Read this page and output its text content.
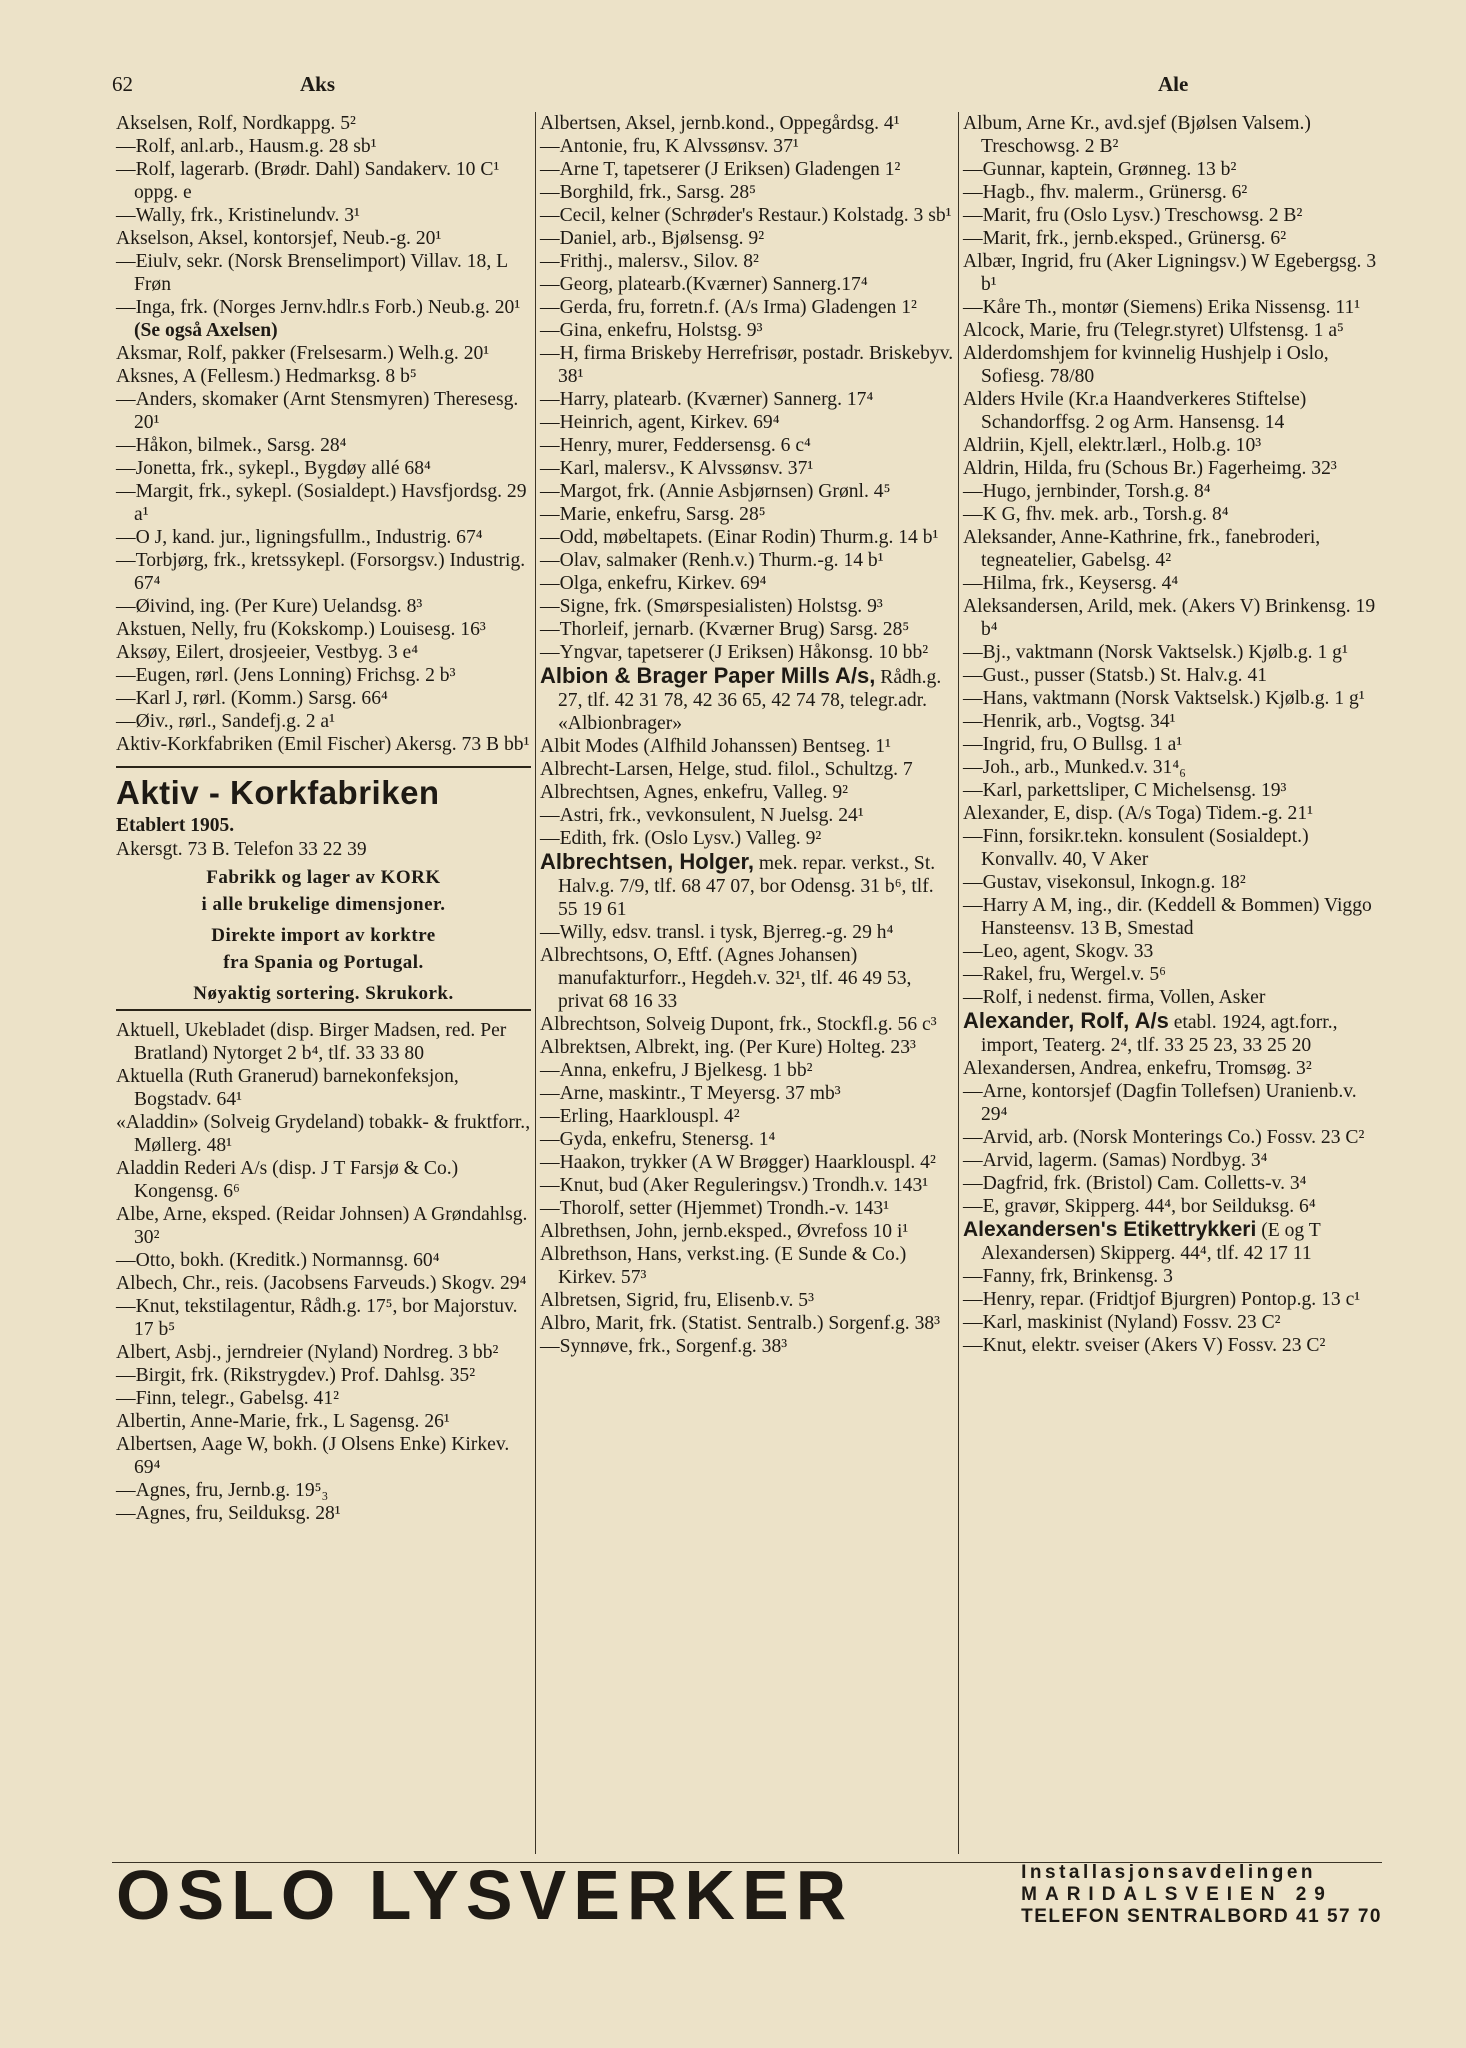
62	Aks	Ale

Akselsen, Rolf, Nordkappg. 5²

—Rolf, anl.arb., Hausm.g. 28 sb¹

—Rolf, lagerarb. (Brødr. Dahl) Sandakerv. 10 C¹ oppg. e

—Wally, frk., Kristinelundv. 3¹

Akselson, Aksel, kontorsjef, Neub.-g. 20¹

—Eiulv, sekr. (Norsk Brenselimport) Villav. 18, L Frøn

—Inga, frk. (Norges Jernv.hdlr.s Forb.) Neub.g. 20¹

(Se også Axelsen)

Aksmar, Rolf, pakker (Frelsesarm.) Welh.g. 20¹

Aksnes, A (Fellesm.) Hedmarksg. 8 b⁵

—Anders, skomaker (Arnt Stensmyren) Theresesg. 20¹

—Håkon, bilmek., Sarsg. 28⁴

—Jonetta, frk., sykepl., Bygdøy allé 68⁴

—Margit, frk., sykepl. (Sosialdept.) Havsfjordsg. 29 a¹

—O J, kand. jur., ligningsfullm., Industrig. 67⁴

—Torbjørg, frk., kretssykepl. (Forsorgsv.) Industrig. 67⁴

—Øivind, ing. (Per Kure) Uelandsg. 8³

Akstuen, Nelly, fru (Kokskomp.) Louisesg. 16³

Aksøy, Eilert, drosjeeier, Vestbyg. 3 e⁴

—Eugen, rørl. (Jens Lonning) Frichsg. 2 b³

—Karl J, rørl. (Komm.) Sarsg. 66⁴

—Øiv., rørl., Sandefj.g. 2 a¹

Aktiv-Korkfabriken (Emil Fischer) Akersg. 73 B bb¹

Aktiv - Korkfabriken

Etablert 1905.

Akersgt. 73 B. Telefon 33 22 39

Fabrikk og lager av KORK

i alle brukelige dimensjoner.

Direkte import av korktre

fra Spania og Portugal.

Nøyaktig sortering. Skrukork.

Aktuell, Ukebladet (disp. Birger Madsen, red. Per Bratland) Nytorget 2 b⁴, tlf. 33 33 80

Aktuella (Ruth Granerud) barnekonfeksjon, Bogstadv. 64¹

«Aladdin» (Solveig Grydeland) tobakk- & fruktforr., Møllerg. 48¹

Aladdin Rederi A/s (disp. J T Farsjø & Co.) Kongensg. 6⁶

Albe, Arne, eksped. (Reidar Johnsen) A Grøndahlsg. 30²

—Otto, bokh. (Kreditk.) Normannsg. 60⁴

Albech, Chr., reis. (Jacobsens Farveuds.) Skogv. 29⁴

—Knut, tekstilagentur, Rådh.g. 17⁵, bor Majorstuv. 17 b⁵

Albert, Asbj., jerndreier (Nyland) Nordreg. 3 bb²

—Birgit, frk. (Rikstrygdev.) Prof. Dahlsg. 35²

—Finn, telegr., Gabelsg. 41²

Albertin, Anne-Marie, frk., L Sagensg. 26¹

Albertsen, Aage W, bokh. (J Olsens Enke) Kirkev. 69⁴

—Agnes, fru, Jernb.g. 19⁵₃

—Agnes, fru, Seilduksg. 28¹

Albertsen, Aksel, jernb.kond., Oppegårdsg. 4¹

—Antonie, fru, K Alvssønsv. 37¹

—Arne T, tapetserer (J Eriksen) Gladengen 1²

—Borghild, frk., Sarsg. 28⁵

—Cecil, kelner (Schrøder's Restaur.) Kolstadg. 3 sb¹

—Daniel, arb., Bjølsensg. 9²

—Frithj., malersv., Silov. 8²

—Georg, platearb.(Kværner) Sannerg.17⁴

—Gerda, fru, forretn.f. (A/s Irma) Gladengen 1²

—Gina, enkefru, Holstsg. 9³

—H, firma Briskeby Herrefrisør, postadr. Briskebyv. 38¹

—Harry, platearb. (Kværner) Sannerg. 17⁴

—Heinrich, agent, Kirkev. 69⁴

—Henry, murer, Feddersensg. 6 c⁴

—Karl, malersv., K Alvssønsv. 37¹

—Margot, frk. (Annie Asbjørnsen) Grønl. 4⁵

—Marie, enkefru, Sarsg. 28⁵

—Odd, møbeltapets. (Einar Rodin) Thurm.g. 14 b¹

—Olav, salmaker (Renh.v.) Thurm.-g. 14 b¹

—Olga, enkefru, Kirkev. 69⁴

—Signe, frk. (Smørspesialisten) Holstsg. 9³

—Thorleif, jernarb. (Kværner Brug) Sarsg. 28⁵

—Yngvar, tapetserer (J Eriksen) Håkonsg. 10 bb²

Albion & Brager Paper Mills A/s, Rådh.g. 27, tlf. 42 31 78, 42 36 65, 42 74 78, telegr.adr. «Albionbrager»

Albit Modes (Alfhild Johanssen) Bentseg. 1¹

Albrecht-Larsen, Helge, stud. filol., Schultzg. 7

Albrechtsen, Agnes, enkefru, Valleg. 9²

—Astri, frk., vevkonsulent, N Juelsg. 24¹

—Edith, frk. (Oslo Lysv.) Valleg. 9²

Albrechtsen, Holger, mek. repar. verkst., St. Halv.g. 7/9, tlf. 68 47 07, bor Odensg. 31 b⁶, tlf. 55 19 61

—Willy, edsv. transl. i tysk, Bjerreg.-g. 29 h⁴

Albrechtsons, O, Eftf. (Agnes Johansen) manufakturforr., Hegdeh.v. 32¹, tlf. 46 49 53, privat 68 16 33

Albrechtson, Solveig Dupont, frk., Stockfl.g. 56 c³

Albrektsen, Albrekt, ing. (Per Kure) Holteg. 23³

—Anna, enkefru, J Bjelkesg. 1 bb²

—Arne, maskintr., T Meyersg. 37 mb³

—Erling, Haarklouspl. 4²

—Gyda, enkefru, Stenersg. 1⁴

—Haakon, trykker (A W Brøgger) Haarklouspl. 4²

—Knut, bud (Aker Reguleringsv.) Trondh.v. 143¹

—Thorolf, setter (Hjemmet) Trondh.-v. 143¹

Albrethsen, John, jernb.eksped., Øvrefoss 10 i¹

Albrethson, Hans, verkst.ing. (E Sunde & Co.) Kirkev. 57³

Albretsen, Sigrid, fru, Elisenb.v. 5³

Albro, Marit, frk. (Statist. Sentralb.) Sorgenf.g. 38³

—Synnøve, frk., Sorgenf.g. 38³

Album, Arne Kr., avd.sjef (Bjølsen Valsem.) Treschowsg. 2 B²

—Gunnar, kaptein, Grønneg. 13 b²

—Hagb., fhv. malerm., Grünersg. 6²

—Marit, fru (Oslo Lysv.) Treschowsg. 2 B²

—Marit, frk., jernb.eksped., Grünersg. 6²

Albær, Ingrid, fru (Aker Ligningsv.) W Egebergsg. 3 b¹

—Kåre Th., montør (Siemens) Erika Nissensg. 11¹

Alcock, Marie, fru (Telegr.styret) Ulfstensg. 1 a⁵

Alderdomshjem for kvinnelig Hushjelp i Oslo, Sofiesg. 78/80

Alders Hvile (Kr.a Haandverkeres Stiftelse) Schandorffsg. 2 og Arm. Hansensg. 14

Aldriin, Kjell, elektr.lærl., Holb.g. 10³

Aldrin, Hilda, fru (Schous Br.) Fagerheimg. 32³

—Hugo, jernbinder, Torsh.g. 8⁴

—K G, fhv. mek. arb., Torsh.g. 8⁴

Aleksander, Anne-Kathrine, frk., fanebroderi, tegneatelier, Gabelsg. 4²

—Hilma, frk., Keysersg. 4⁴

Aleksandersen, Arild, mek. (Akers V) Brinkensg. 19 b⁴

—Bj., vaktmann (Norsk Vaktselsk.) Kjølb.g. 1 g¹

—Gust., pusser (Statsb.) St. Halv.g. 41

—Hans, vaktmann (Norsk Vaktselsk.) Kjølb.g. 1 g¹

—Henrik, arb., Vogtsg. 34¹

—Ingrid, fru, O Bullsg. 1 a¹

—Joh., arb., Munked.v. 31⁴₆

—Karl, parkettsliper, C Michelsensg. 19³

Alexander, E, disp. (A/s Toga) Tidem.-g. 21¹

—Finn, forsikr.tekn. konsulent (Sosialdept.) Konvallv. 40, V Aker

—Gustav, visekonsul, Inkogn.g. 18²

—Harry A M, ing., dir. (Keddell & Bommen) Viggo Hansteensv. 13 B, Smestad

—Leo, agent, Skogv. 33

—Rakel, fru, Wergel.v. 5⁶

—Rolf, i nedenst. firma, Vollen, Asker

Alexander, Rolf, A/s etabl. 1924, agt.forr., import, Teaterg. 2⁴, tlf. 33 25 23, 33 25 20

Alexandersen, Andrea, enkefru, Tromsøg. 3²

—Arne, kontorsjef (Dagfin Tollefsen) Uranienb.v. 29⁴

—Arvid, arb. (Norsk Monterings Co.) Fossv. 23 C²

—Arvid, lagerm. (Samas) Nordbyg. 3⁴

—Dagfrid, frk. (Bristol) Cam. Colletts-v. 3⁴

—E, gravør, Skipperg. 44⁴, bor Seilduksg. 6⁴

Alexandersen's Etikettrykkeri (E og T Alexandersen) Skipperg. 44⁴, tlf. 42 17 11

—Fanny, frk, Brinkensg. 3

—Henry, repar. (Fridtjof Bjurgren) Pontop.g. 13 c¹

—Karl, maskinist (Nyland) Fossv. 23 C²

—Knut, elektr. sveiser (Akers V) Fossv. 23 C²

OSLO LYSVERKER	Installasjonsavdelingen
MARIDALSVEIEN 29
TELEFON SENTRALBORD 41 57 70
